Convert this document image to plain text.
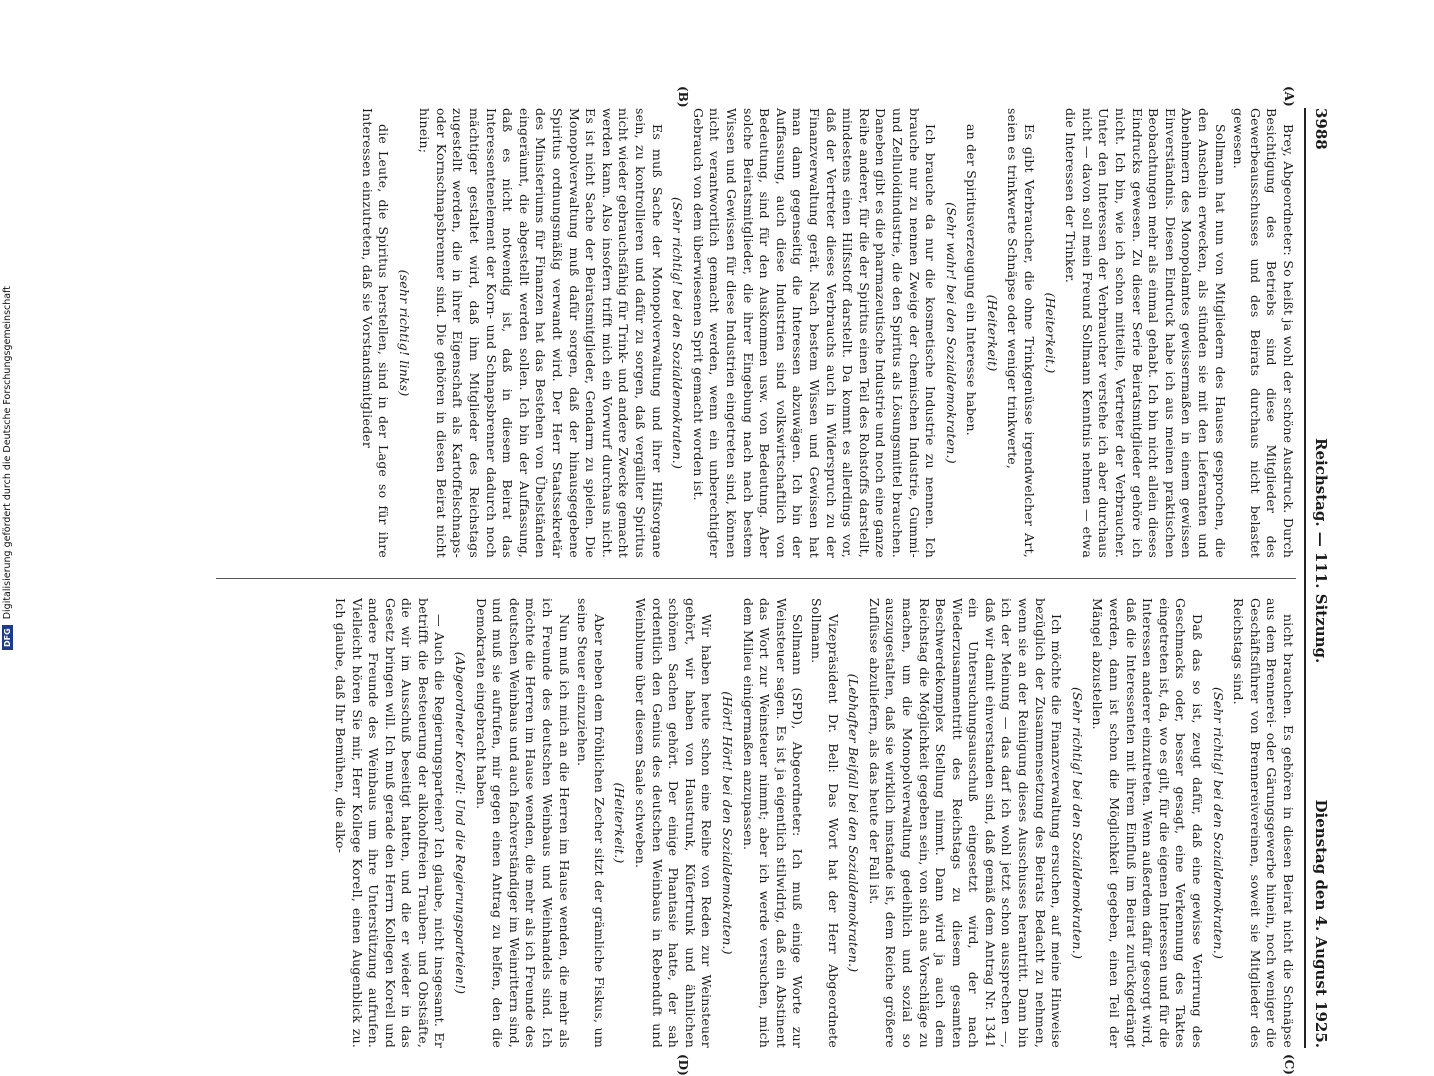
3988
Reichstag. — 111. Sitzung.
Dienstag den 4. August 1925.
(A)
(B)
(C)
(D)

Brey, Abgeordneter: So heißt ja wohl der schöne Ausdruck. Durch Besichtigung des Betriebs sind diese Mitglieder des Gewerbeausschusses und des Beirats durchaus nicht belastet gewesen.

Sollmann hat nun von Mitgliedern des Hauses gesprochen, die den Anschein erwecken, als stünden sie mit den Lieferanten und Abnehmern des Monopolamtes gewissermaßen in einem gewissen Einverständnis. Diesen Eindruck habe ich aus meinen praktischen Beobachtungen mehr als einmal gehabt. Ich bin nicht allein dieses Eindrucks gewesen. Zu dieser Serie Beiratsmitglieder gehöre ich nicht. Ich bin, wie ich schon mitteilte, Vertreter der Verbraucher. Unter den Interessen der Verbraucher verstehe ich aber durchaus nicht — davon soll mein Freund Sollmann Kenntnis nehmen — etwa die Interessen der Trinker.

(Heiterkeit.)

Es gibt Verbraucher, die ohne Trinkgenüsse irgendwelcher Art, seien es trinkwerte Schnäpse oder weniger trinkwerte,

(Heiterkeit)

an der Spiritusverzeugung ein Interesse haben.

(Sehr wahr! bei den Sozialdemokraten.)

Ich brauche da nur die kosmetische Industrie zu nennen. Ich brauche nur zu nennen Zweige der chemischen Industrie, Gummi- und Zelluloidindustrie, die den Spiritus als Lösungsmittel brauchen. Daneben gibt es die pharmazeutische Industrie und noch eine ganze Reihe anderer, für die der Spiritus einen Teil des Rohstoffs darstellt, mindestens einen Hilfsstoff darstellt. Da kommt es allerdings vor, daß der Vertreter dieses Verbrauchs auch in Widerspruch zu der Finanzverwaltung gerät. Nach bestem Wissen und Gewissen hat man dann gegenseitig die Interessen abzuwägen. Ich bin der Auffassung, auch diese Industrien sind volkswirtschaftlich von Bedeutung, sind für den Auskommen usw. von Bedeutung. Aber solche Beiratsmitglieder, die ihrer Eingebung nach nach bestem Wissen und Gewissen für diese Industrien eingetreten sind, können nicht verantwortlich gemacht werden, wenn ein unberechtigter Gebrauch von dem überwiesenen Sprit gemacht worden ist.

(Sehr richtig! bei den Sozialdemokraten.)

Es muß Sache der Monopolverwaltung und ihrer Hilfsorgane sein, zu kontrollieren und dafür zu sorgen, daß vergällter Spiritus nicht wieder gebrauchsfähig für Trink- und andere Zwecke gemacht werden kann. Also insofern trifft mich ein Vorwurf durchaus nicht. Es ist nicht Sache der Beiratsmitglieder, Gendarm zu spielen. Die Monopolverwaltung muß dafür sorgen, daß der hinausgegebene Spiritus ordnungsmäßig verwandt wird. Der Herr Staatssekretär des Ministeriums für Finanzen hat das Bestehen von Übelständen eingeräumt, die abgestellt werden sollen. Ich bin der Auffassung, daß es nicht notwendig ist, daß in diesem Beirat das Interessentenelement der Korn- und Schnapsbrenner dadurch noch mächtiger gestaltet wird, daß ihm Mitglieder des Reichstags zugestellt werden, die in ihrer Eigenschaft als Kartoffelschnaps- oder Kornschnapsbrenner sind. Die gehören in diesen Beirat nicht hinein;

(sehr richtig! links)

die Leute, die Spiritus herstellen, sind in der Lage so für ihre Interessen einzutreten, daß sie Vorstandsmitglieder

nicht brauchen. Es gehören in diesen Beirat nicht die Schnäpse aus dem Brennerei- oder Gärungsgewerbe hinein, noch weniger die Geschäftsführer von Brennereivereinen, soweit sie Mitglieder des Reichstags sind.

(Sehr richtig! bei den Sozialdemokraten.)

Daß das so ist, zeugt dafür, daß eine gewisse Verirrung des Geschmacks oder, besser gesagt, eine Verkennung des Taktes eingetreten ist, da, wo es gilt, für die eigenen Interessen und für die Interessen anderer einzutreten. Wenn außerdem dafür gesorgt wird, daß die Interessenten mit ihrem Einfluß im Beirat zurückgedrängt werden, dann ist schon die Möglichkeit gegeben, einen Teil der Mängel abzustellen.

(Sehr richtig! bei den Sozialdemokraten.)

Ich möchte die Finanzverwaltung ersuchen, auf meine Hinweise bezüglich der Zusammensetzung des Beirats Bedacht zu nehmen, wenn sie an der Reinigung dieses Ausschusses herantritt. Dann bin ich der Meinung — das darf ich wohl jetzt schon aussprechen —, daß wir damit einverstanden sind, daß gemäß dem Antrag Nr. 1341 ein Untersuchungsausschuß eingesetzt wird, der nach Wiederzusammentritt des Reichstags zu diesem gesamten Beschwerdekomplex Stellung nimmt. Dann wird ja auch dem Reichstag die Möglichkeit gegeben sein, von sich aus Vorschläge zu machen, um die Monopolverwaltung gedeihlich und sozial so auszugestalten, daß sie wirklich imstande ist, dem Reiche größere Zuflüsse abzuliefern, als das heute der Fall ist.

(Lebhafter Beifall bei den Sozialdemokraten.)

Vizepräsident Dr. Bell: Das Wort hat der Herr Abgeordnete Sollmann.

Sollmann (SPD), Abgeordneter: Ich muß einige Worte zur Weinsteuer sagen. Es ist ja eigentlich stilwidrig, daß ein Abstinent das Wort zur Weinsteuer nimmt; aber ich werde versuchen, mich dem Milieu einigermaßen anzupassen.

(Hört! Hört! bei den Sozialdemokraten.)

Wir haben heute schon eine Reihe von Reden zur Weinsteuer gehört, wir haben von Haustrunk, Küfertrunk und ähnlichen schönen Sachen gehört. Der einige Phantasie hatte, der sah ordentlich den Genius des deutschen Weinbaus in Rebenduft und Weinblume über diesem Saale schweben.

(Heiterkeit.)

Aber neben dem fröhlichen Zecher sitzt der grämliche Fiskus, um seine Steuer einzuziehen.

Nun muß ich mich an die Herren im Hause wenden, die mehr als ich Freunde des deutschen Weinbaus und Weinhandels sind. Ich möchte die Herren im Hause wenden, die mehr als ich Freunde des deutschen Weinbaus und auch fachverständiger im Weinrittern sind, und muß sie aufrufen, mir gegen einen Antrag zu helfen, den die Demokraten eingebracht haben.

(Abgeordneter Korell: Und die Regierungsparteien!)

— Auch die Regierungsparteien? Ich glaube, nicht insgesamt. Er betrifft die Besteuerung der alkoholfreien Trauben- und Obstsäfte, die wir im Ausschuß beseitigt hatten, und die er wieder in das Gesetz bringen will. Ich muß gerade den Herrn Kollegen Korell und andere Freunde des Weinbaus um ihre Unterstützung aufrufen. Vielleicht hören Sie mir, Herr Kollege Korell, einen Augenblick zu. Ich glaube, daß Ihr Bemühen, die alko-

DFG Digitalisierung gefördert durch die Deutsche Forschungsgemeinschaft
